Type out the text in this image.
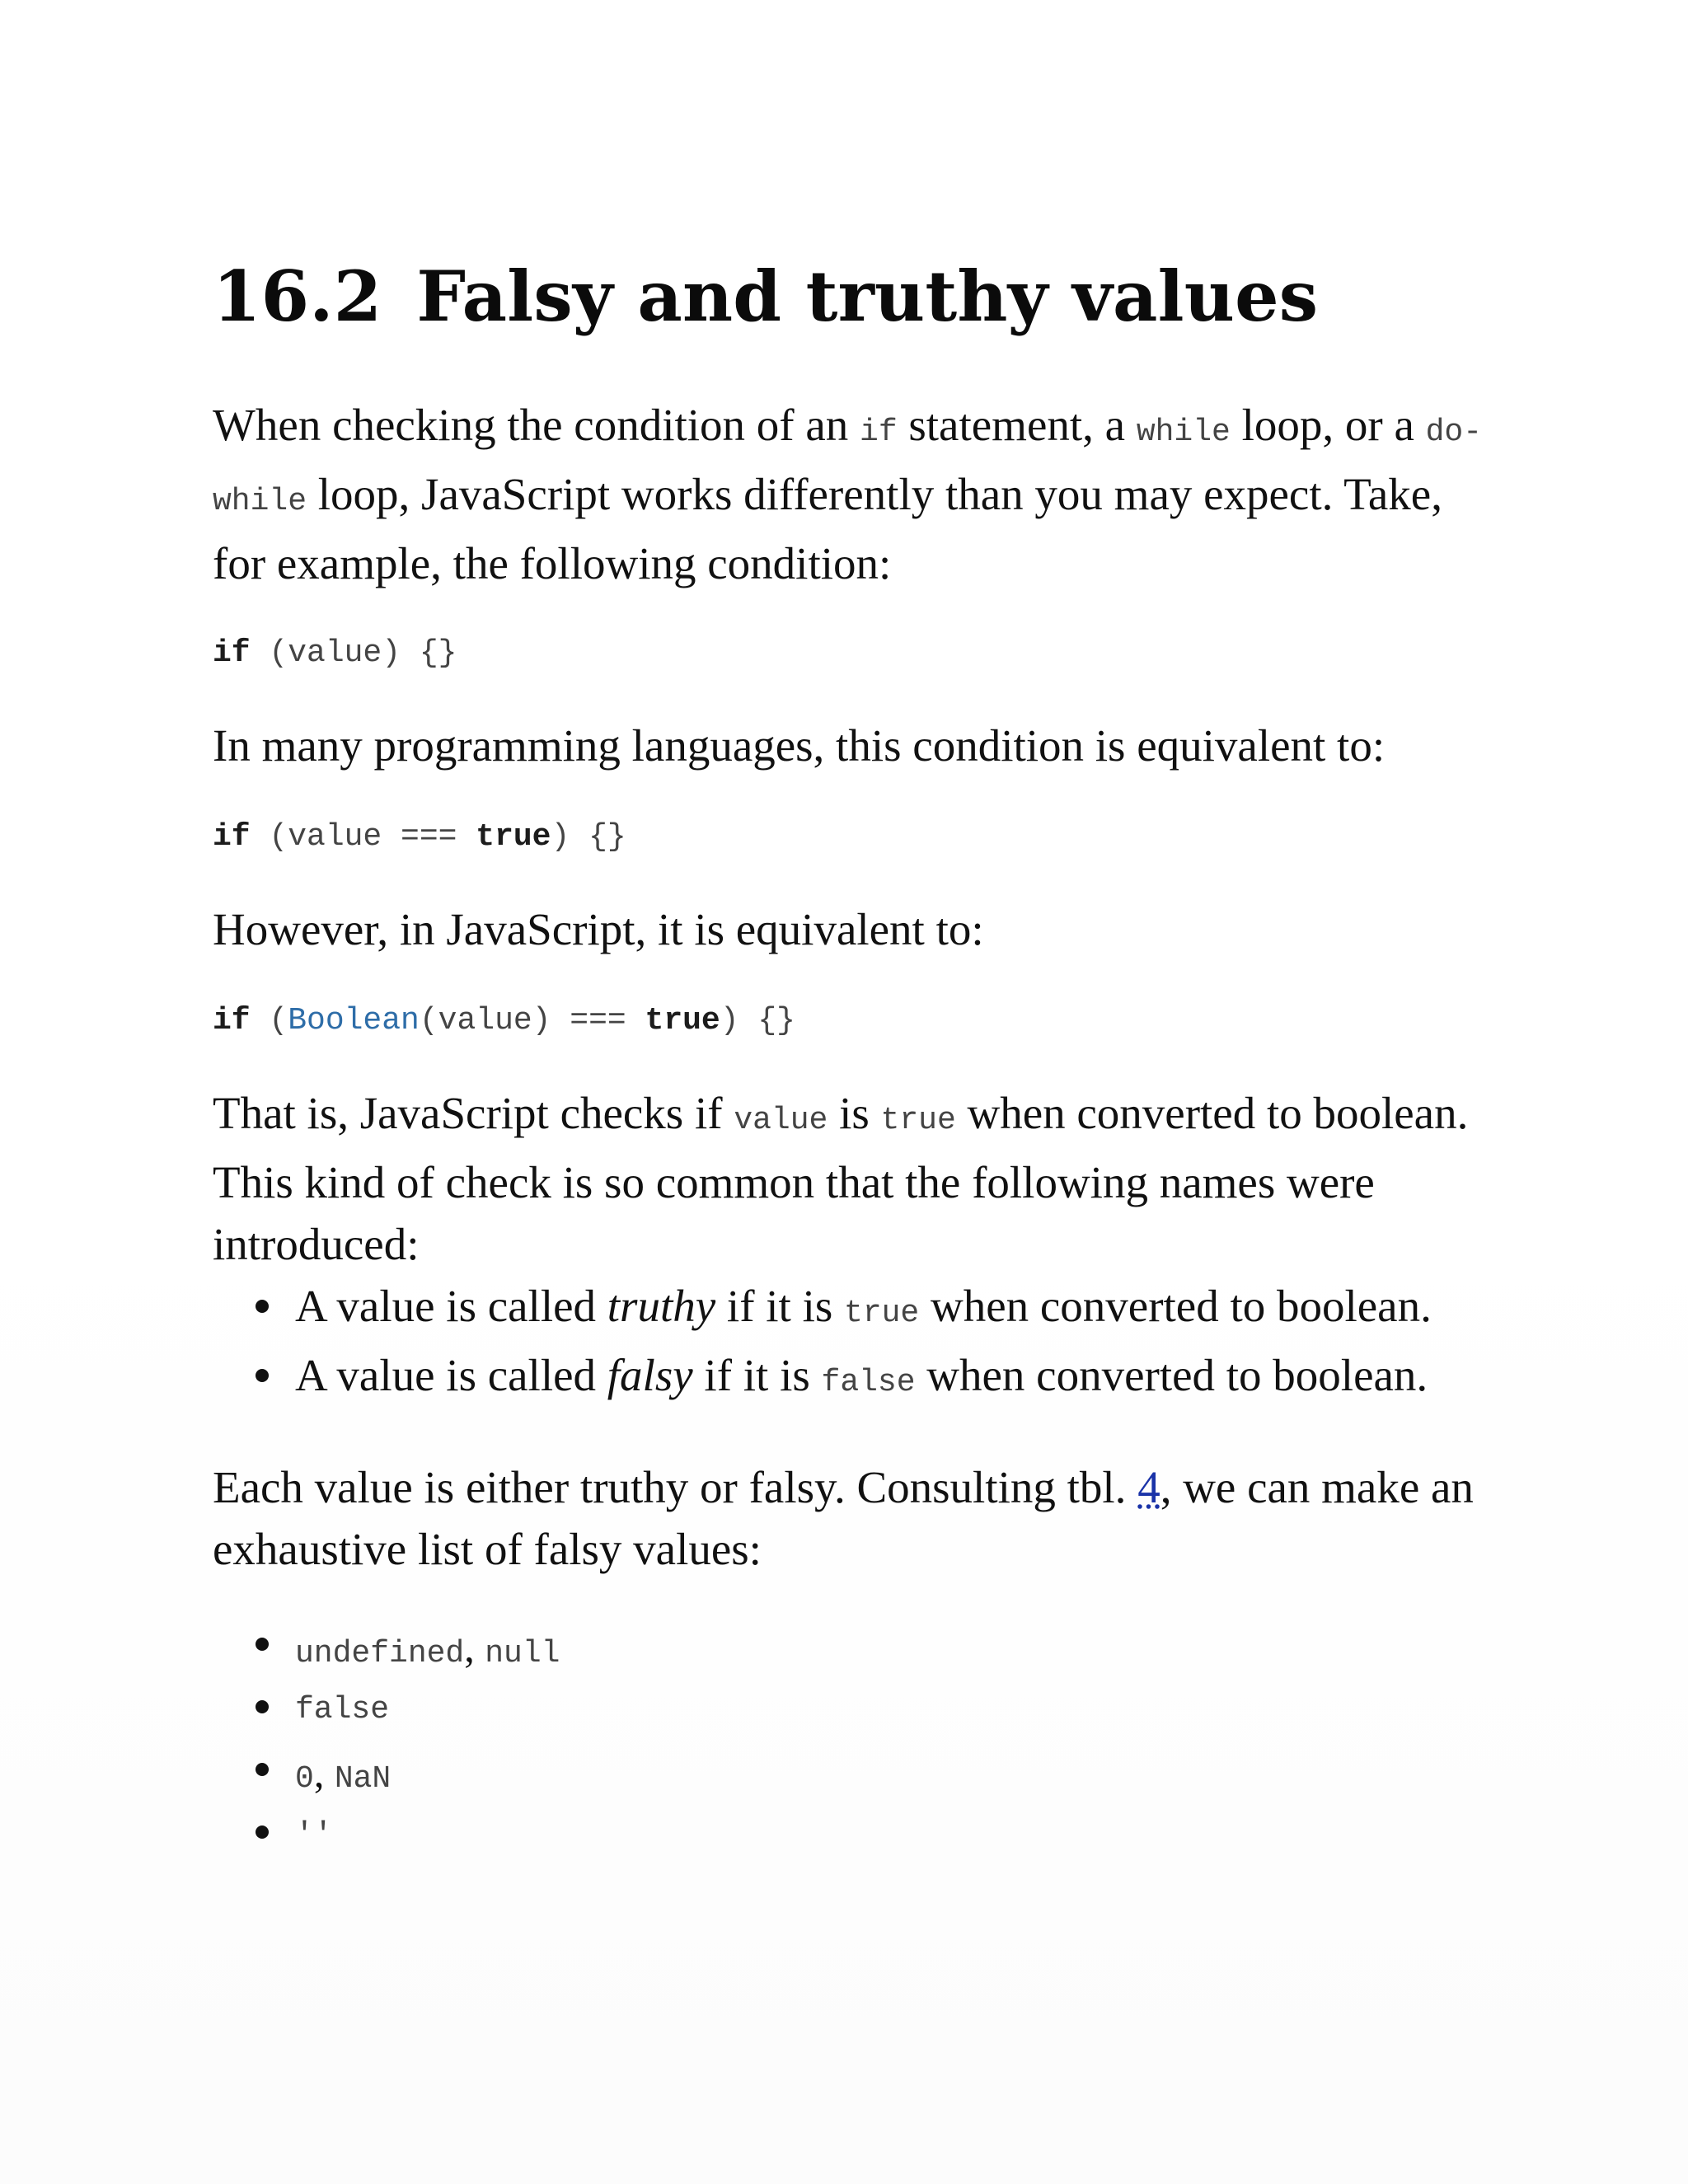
16.2 Falsy and truthy values

When checking the condition of an if statement, a while loop, or a do-while loop, JavaScript works differently than you may expect. Take, for example, the following condition:

if (value) {}

In many programming languages, this condition is equivalent to:

if (value === true) {}

However, in JavaScript, it is equivalent to:

if (Boolean(value) === true) {}

That is, JavaScript checks if value is true when converted to boolean. This kind of check is so common that the following names were introduced:

A value is called truthy if it is true when converted to boolean.
A value is called falsy if it is false when converted to boolean.

Each value is either truthy or falsy. Consulting tbl. 4, we can make an exhaustive list of falsy values:

undefined, null
false
0, NaN
''
